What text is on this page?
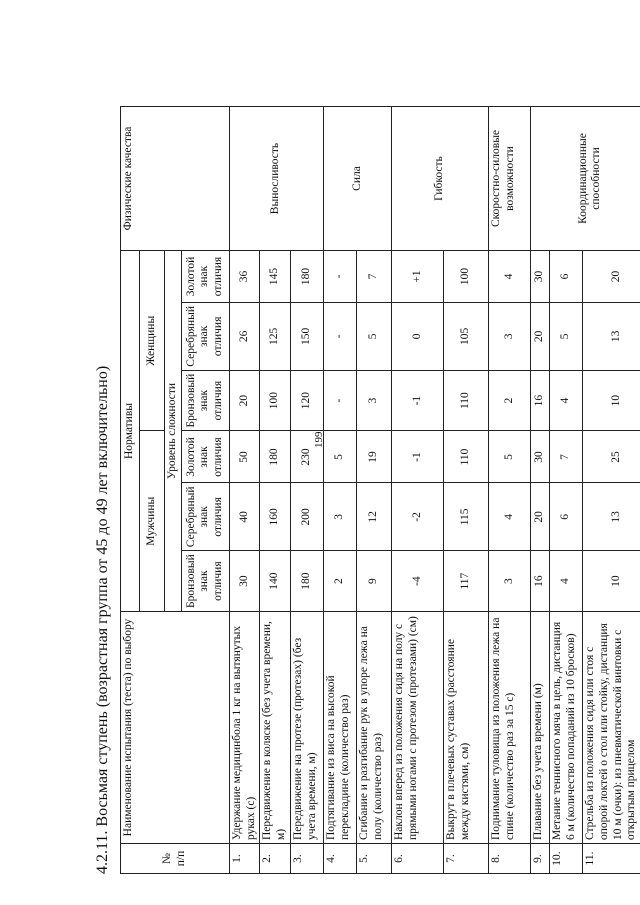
199
4.2.11. Восьмая ступень (возрастная группа от 45 до 49 лет включительно)	№ п/п	Наименование испытания (теста) по выбору	Нормативы						Физические качества
		Мужчины			Женщины			
		Уровень сложности						
		Бронзовый знак отличия	Серебряный знак отличия	Золотой знак отличия	Бронзовый знак отличия	Серебряный знак отличия	Золотой знак отличия	
1.	Удержание медицинбола 1 кг на вытянутых руках (с)	30	40	50	20	26	36	Выносливость
2.	Передвижение в коляске (без учета времени, м)	140	160	180	100	125	145	
3.	Передвижение на протезе (протезах) (без учета времени, м)	180	200	230	120	150	180	
4.	Подтягивание из виса на высокой перекладине (количество раз)	2	3	5	-	-	-	Сила
5.	Сгибание и разгибание рук в упоре лежа на полу (количество раз)	9	12	19	3	5	7	
6.	Наклон вперед из положения сидя на полу с прямыми ногами с протезом (протезами) (см)	-4	-2	-1	-1	0	+1	Гибкость
7.	Выкрут в плечевых суставах (расстояние между кистями, см)	117	115	110	110	105	100	
8.	Поднимание туловища из положения лежа на спине (количество раз за 15 с)	3	4	5	2	3	4	Скоростно-силовые возможности
9.	Плавание без учета времени (м)	16	20	30	16	20	30	Координационные способности
10.	Метание теннисного мяча в цель, дистанция 6 м (количество попаданий из 10 бросков)	4	6	7	4	5	6	
11.	Стрельба из положения сидя или стоя с опорой локтей о стол или стойку, дистанция 10 м (очки): из пневматической винтовки с открытым прицелом	10	13	25	10	13	20	
